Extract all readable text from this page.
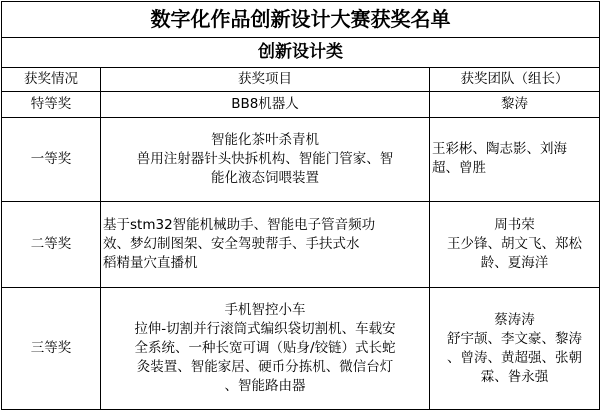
数字化作品创新设计大赛获奖名单		
创新设计类		
获奖情况	获奖项目	获奖团队（组长）
特等奖	BB8机器人	黎涛

一等奖	智能化茶叶杀青机
兽用注射器针头快拆机构、智能门管家、智
能化液态饲喂装置	王彩彬、陶志影、刘海
超、曾胜

二等奖	基于stm32智能机械助手、智能电子管音频功
效、梦幻制图架、安全驾驶帮手、手扶式水
稻精量穴直播机	周书荣
王少锋、胡文飞、郑松
龄、夏海洋

三等奖	手机智控小车
拉伸-切割并行滚筒式编织袋切割机、车载安
全系统、一种长宽可调（贴身/铰链）式长蛇
灸装置、智能家居、硬币分拣机、微信台灯
、智能路由器	蔡涛涛
舒宇颉、李文豪、黎涛
、曾涛、黄超强、张朝
霖、昝永强
